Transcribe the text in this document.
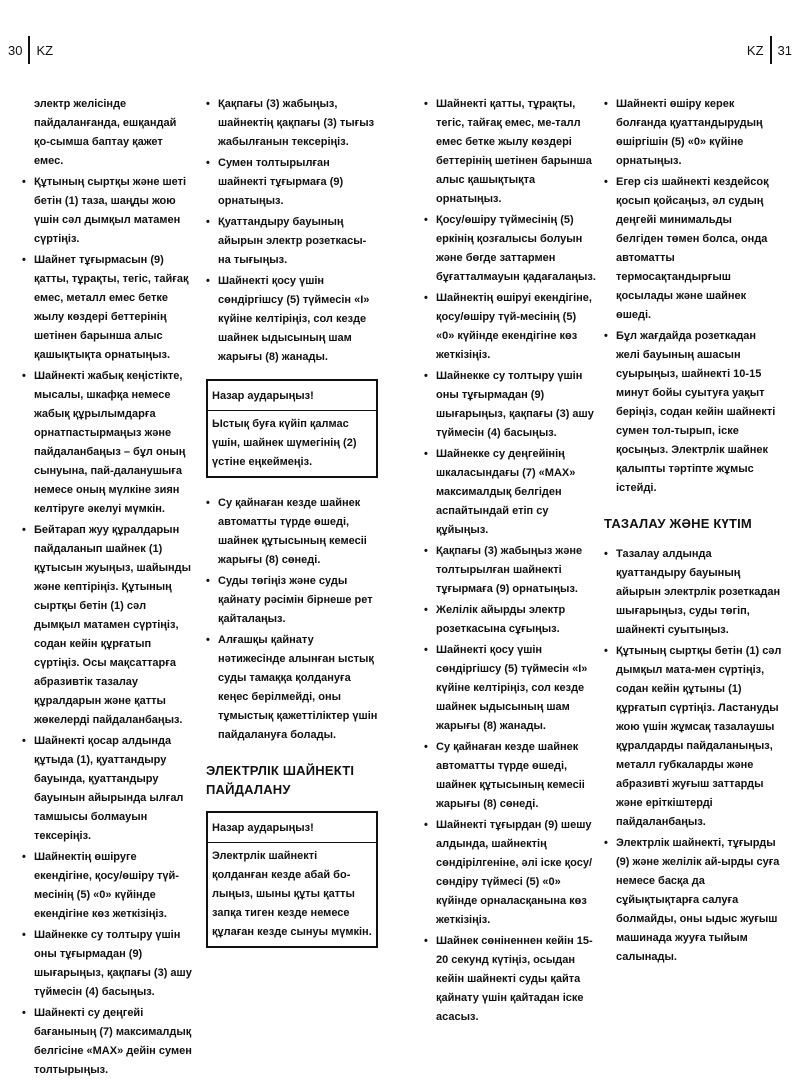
30 KZ	KZ 31

электр желісінде пайдаланғанда, ешқандай қо-сымша баптау қажет емес.

• Құтының сыртқы және шеті бетін (1) таза, шаңды жою үшін сәл дымқыл матамен сүртіңіз.
• Шайнет тұғырмасын (9) қатты, тұрақты, тегіс, тайғақ емес, металл емес бетке жылу көздері беттерінің шетінен барынша алыс қашықтықта орнатыңыз.
• Шайнекті жабық кеңістікте, мысалы, шкафқа немесе жабық құрылымдарға орнатпастырмаңыз және пайдаланбаңыз – бұл оның сынуына, пай-даланушыға немесе оның мүлкіне зиян келтіруге әкелуі мүмкін.
• Бейтарап жуу құралдарын пайдаланып шайнек (1) құтысын жуыңыз, шайынды және кептіріңіз. Құтының сыртқы бетін (1) сәл дымқыл матамен сүртіңіз, содан кейін құрғатып сүртіңіз. Осы мақсаттарға абразивтік тазалау құралдарын және қатты жөкелерді пайдаланбаңыз.
• Шайнекті қосар алдында құтыда (1), қуаттандыру бауында, қуаттандыру бауынын айырында ылғал тамшысы болмауын тексеріңіз.
• Шайнектің өшіруге екендігіне, қосу/өшіру түй-месінің (5) «0» күйінде екендігіне көз жеткізіңіз.
• Шайнекке су толтыру үшін оны тұғырмадан (9) шығарыңыз, қақпағы (3) ашу түймесін (4) басыңыз.
• Шайнекті су деңгейі бағанының (7) максималдық белгісіне «MAX» дейін сумен толтырыңыз.
• Қақпағы (3) жабыңыз, шайнектің қақпағы (3) тығыз жабылғанын тексеріңіз.
• Сумен толтырылған шайнекті тұғырмаға (9) орнатыңыз.
• Қуаттандыру бауының айырын электр розеткасы-на тығыңыз.
• Шайнекті қосу үшін сөндіргішсу (5) түймесін «I» күйіне келтіріңіз, сол кезде шайнек ыдысының шам жарығы (8) жанады.
Назар аударыңыз!
Ыстық буға күйіп қалмас үшін, шайнек шүмегінің (2) үстіне еңкеймеңіз.
• Су қайнаған кезде шайнек автоматты түрде өшеді, шайнек құтысының кемесіі жарығы (8) сөнеді.
• Суды төгіңіз және суды қайнату рәсімін бірнеше рет қайталаңыз.
• Алғашқы қайнату нәтижесінде алынған ыстық суды тамаққа қолдануға кеңес берілмейді, оны тұмыстық қажеттіліктер үшін пайдалануға болады.
ЭЛЕКТРЛІК ШАЙНЕКТІ ПАЙДАЛАНУ
Назар аударыңыз!
Электрлік шайнекті қолданған кезде абай бо-лыңыз, шыны құты қатты запқа тиген кезде немесе құлаған кезде сынуы мүмкін.
• Шайнекті қатты, тұрақты, тегіс, тайғақ емес, ме-талл емес бетке жылу көздері беттерінің шетінен барынша алыс қашықтықта орнатыңыз.
• Қосу/өшіру түймесінің (5) еркінің қозғалысы болуын және бөгде заттармен бұғатталмауын қадағалаңыз.
• Шайнектің өшіруі екендігіне, қосу/өшіру түй-месінің (5) «0» күйінде екендігіне көз жеткізіңіз.
• Шайнекке су толтыру үшін оны тұғырмадан (9) шығарыңыз, қақпағы (3) ашу түймесін (4) басыңыз.
• Шайнекке су деңгейінің шкаласындағы (7) «MAX» максималдық белгіден аспайтындай етіп су құйыңыз.
• Қақпағы (3) жабыңыз және толтырылған шайнекті тұғырмаға (9) орнатыңыз.
• Желілік айырды электр розеткасына сұғыңыз.
• Шайнекті қосу үшін сөндіргішсу (5) түймесін «I» күйіне келтіріңіз, сол кезде шайнек ыдысының шам жарығы (8) жанады.
• Су қайнаған кезде шайнек автоматты түрде өшеді, шайнек құтысының кемесіі жарығы (8) сөнеді.
• Шайнекті тұғырдан (9) шешу алдында, шайнектің сөндірілгеніне, әлі іске қосу/сөндіру түймесі (5) «0» күйінде орналасқанына көз жеткізіңіз.
• Шайнек сөніненнен кейін 15-20 секунд күтіңіз, осыдан кейін шайнекті суды қайта қайнату үшін қайтадан іске асасыз.
• Шайнекті өшіру керек болғанда қуаттандырудың өшіргішін (5) «0» күйіне орнатыңыз.
• Егер сіз шайнекті кездейсоқ қосып қойсаңыз, әл судың деңгейі минимальды белгіден төмен болса, онда автоматты термосақтандырғыш қосылады және шайнек өшеді.
• Бұл жағдайда розеткадан желі бауының ашасын суырыңыз, шайнекті 10-15 минут бойы суытуға уақыт беріңіз, содан кейін шайнекті сумен тол-тырып, іске қосыңыз. Электрлік шайнек қалыпты тәртіпте жұмыс істейді.
ТАЗАЛАУ ЖӘНЕ КҮТІМ
• Тазалау алдында қуаттандыру бауының айырын электрлік розеткадан шығарыңыз, суды төгіп, шайнекті суытыңыз.
• Құтының сыртқы бетін (1) сәл дымқыл мата-мен сүртіңіз, содан кейін құтыны (1) құрғатып сүртіңіз. Ластануды жою үшін жұмсақ тазалаушы құралдарды пайдаланыңыз, металл губкаларды және абразивті жуғыш заттарды және еріткіштерді пайдаланбаңыз.
• Электрлік шайнекті, тұғырды (9) және желілік ай-ырды суға немесе басқа да сұйықтықтарға салуға болмайды, оны ыдыс жуғыш машинада жууға тыйым салынады.
